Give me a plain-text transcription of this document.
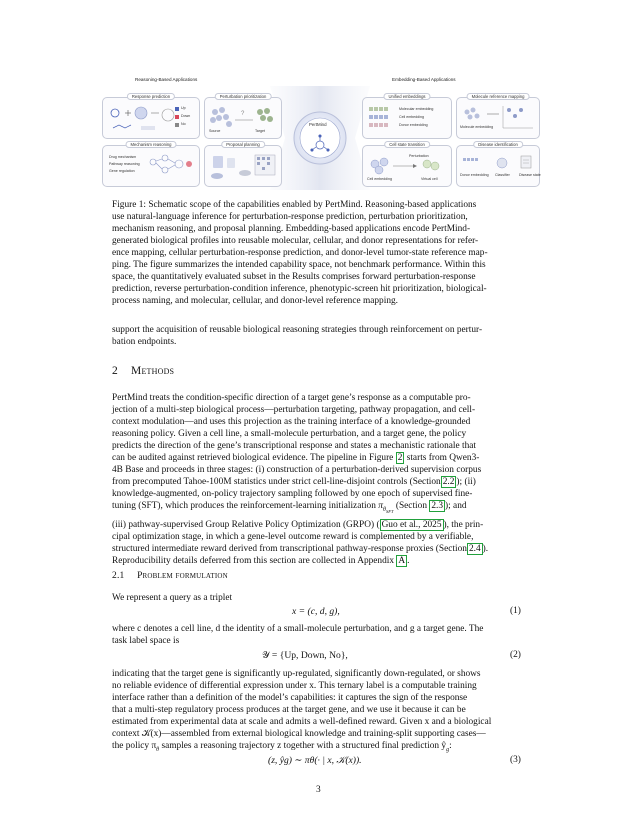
Reasoning-Based Applications	Embedding-Based Applications
PertMind
Response prediction
Up
Down
No
Perturbation prioritization
?
Source	Target
Mechanism reasoning
Drug mechanism
Pathway reasoning
Gene regulation
Proposal planning
Unified embeddings
Molecular embedding
Cell embedding
Donor embedding
Molecule reference mapping
Molecule embedding
Cell state transition
Perturbation
Cell embedding	Virtual cell
Disease identification
Donor embedding Classifier	Disease state
Figure 1: Schematic scope of the capabilities enabled by PertMind. Reasoning-based applications
use natural-language inference for perturbation-response prediction, perturbation prioritization,
mechanism reasoning, and proposal planning. Embedding-based applications encode PertMind-
generated biological profiles into reusable molecular, cellular, and donor representations for refer-
ence mapping, cellular perturbation-response prediction, and donor-level tumor-state reference map-
ping. The figure summarizes the intended capability space, not benchmark performance. Within this
space, the quantitatively evaluated subset in the Results comprises forward perturbation-response
prediction, reverse perturbation-condition inference, phenotypic-screen hit prioritization, biological-
process naming, and molecular, cellular, and donor-level reference mapping.
support the acquisition of reusable biological reasoning strategies through reinforcement on pertur-
bation endpoints.
2 Methods
PertMind treats the condition-specific direction of a target gene’s response as a computable pro-
jection of a multi-step biological process—perturbation targeting, pathway propagation, and cell-
context modulation—and uses this projection as the training interface of a knowledge-grounded
reasoning policy. Given a cell line, a small-molecule perturbation, and a target gene, the policy
predicts the direction of the gene’s transcriptional response and states a mechanistic rationale that
can be audited against retrieved biological evidence. The pipeline in Figure 2 starts from Qwen3-
4B Base and proceeds in three stages: (i) construction of a perturbation-derived supervision corpus
from precomputed Tahoe-100M statistics under strict cell-line-disjoint controls (Section 2.2 ); (ii)
knowledge-augmented, on-policy trajectory sampling followed by one epoch of supervised fine-
tuning (SFT), which produces the reinforcement-learning initialization $\pi_{\theta_{SFT}}$ (Section 2.3 ); and
(iii) pathway-supervised Group Relative Policy Optimization (GRPO) ( Guo et al., 2025 ), the prin-
cipal optimization stage, in which a gene-level outcome reward is complemented by a verifiable,
structured intermediate reward derived from transcriptional pathway-response proxies (Section 2.4 ).
Reproducibility details deferred from this section are collected in Appendix A .
2.1 Problem formulation
We represent a query as a triplet
x = (c, d, g),	(1)
where c denotes a cell line, d the identity of a small-molecule perturbation, and g a target gene. The
task label space is
𝒴 = {Up, Down, No},	(2)
indicating that the target gene is significantly up-regulated, significantly down-regulated, or shows
no reliable evidence of differential expression under x. This ternary label is a computable training
interface rather than a definition of the model’s capabilities: it captures the sign of the response
that a multi-step regulatory process produces at the target gene, and we use it because it can be
estimated from experimental data at scale and admits a well-defined reward. Given x and a biological
context 𝒦(x)—assembled from external biological knowledge and training-split supporting cases—
the policy $\pi_\theta$ samples a reasoning trajectory z together with a structured final prediction $ŷ_g$:
(z, ŷg) ∼ πθ(· | x, 𝒦(x)).	(3)
3
